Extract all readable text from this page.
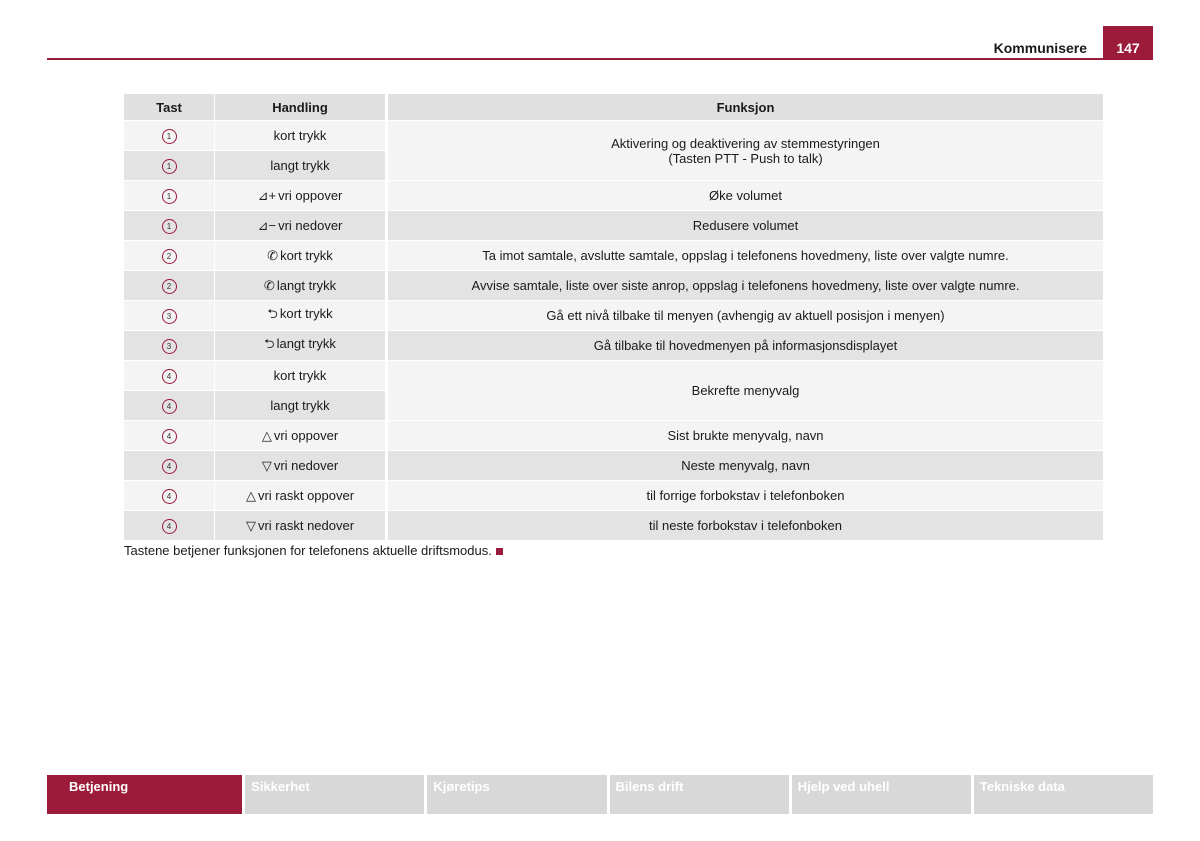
Kommunisere 147
Tast	Handling		Funksjon
1	kort trykk		Aktivering og deaktivering av stemmestyringen
(Tasten PTT - Push to talk)

1	langt trykk		
1	⊿+ vri oppover		Øke volumet
1	⊿− vri nedover		Redusere volumet
2	✆ kort trykk		Ta imot samtale, avslutte samtale, oppslag i telefonens hovedmeny, liste over valgte numre.
2	✆ langt trykk		Avvise samtale, liste over siste anrop, oppslag i telefonens hovedmeny, liste over valgte numre.
3	⮌ kort trykk		Gå ett nivå tilbake til menyen (avhengig av aktuell posisjon i menyen)
3	⮌ langt trykk		Gå tilbake til hovedmenyen på informasjonsdisplayet
4	kort trykk		Bekrefte menyvalg
4	langt trykk		
4	△ vri oppover		Sist brukte menyvalg, navn
4	▽ vri nedover		Neste menyvalg, navn
4	△ vri raskt oppover		til forrige forbokstav i telefonboken
4	▽ vri raskt nedover		til neste forbokstav i telefonboken
Tastene betjener funksjonen for telefonens aktuelle driftsmodus.
Betjening	Sikkerhet	Kjøretips	Bilens drift	Hjelp ved uhell	Tekniske data
